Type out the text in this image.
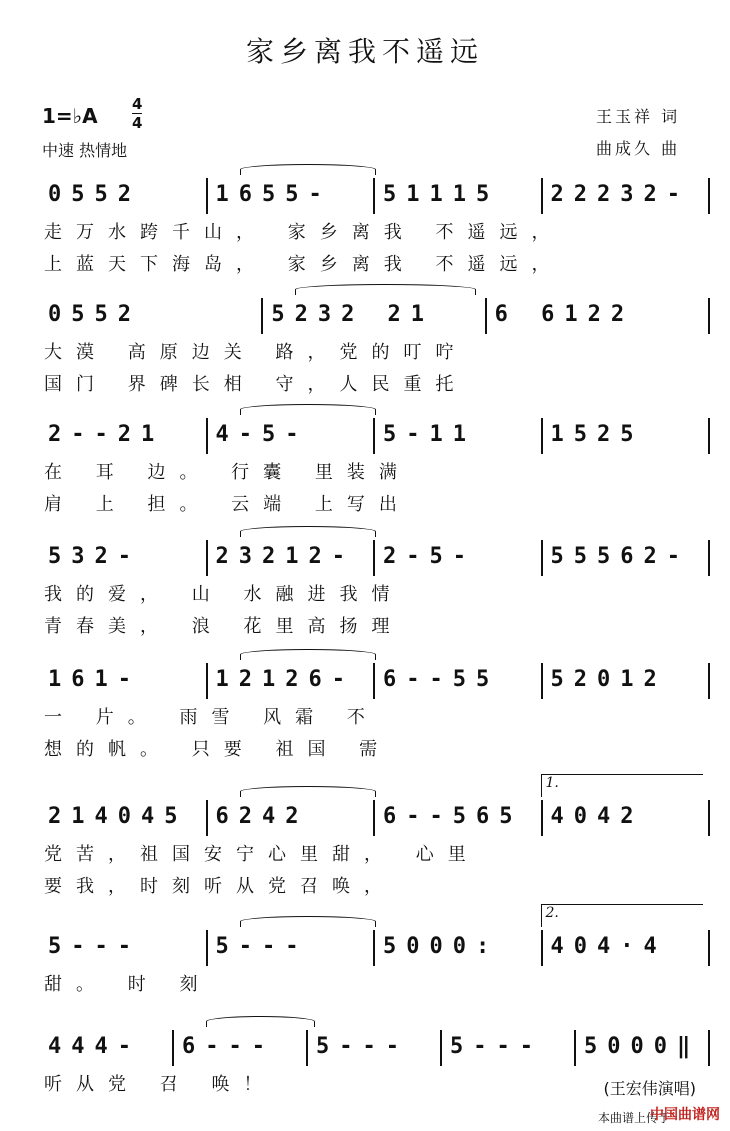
家乡离我不遥远
1=♭A 4
4
中速 热情地
王玉祥 词
曲成久 曲
0552	1655- 51115 22232-
走万水跨千山， 家乡离我 不遥远，
上蓝天下海岛， 家乡离我 不遥远，
0552	5232 21	6 6122
大漠 高原边关 路，党的叮咛
国门 界碑长相 守，人民重托
2--21 4-5-	5-11	1525
在 耳 边。 行囊 里装满
肩 上 担。 云端 上写出
532-	23212- 2-5-	55562-
我的爱， 山 水融进我情
青春美， 浪 花里高扬理
161-	12126- 6--55 52012
一 片。 雨雪 风霜 不
想的帆。 只要 祖国 需
214045 6242	6--565 4042
1.
党苦，祖国安宁心里甜， 心里
要我，时刻听从党召唤，
5---	5---	5000: 404·4
2.
甜。 时 刻
444- 6--- 5--- 5--- 5000‖
听从党 召 唤！	(王宏伟演唱)
本曲谱上传于
中国曲谱网
